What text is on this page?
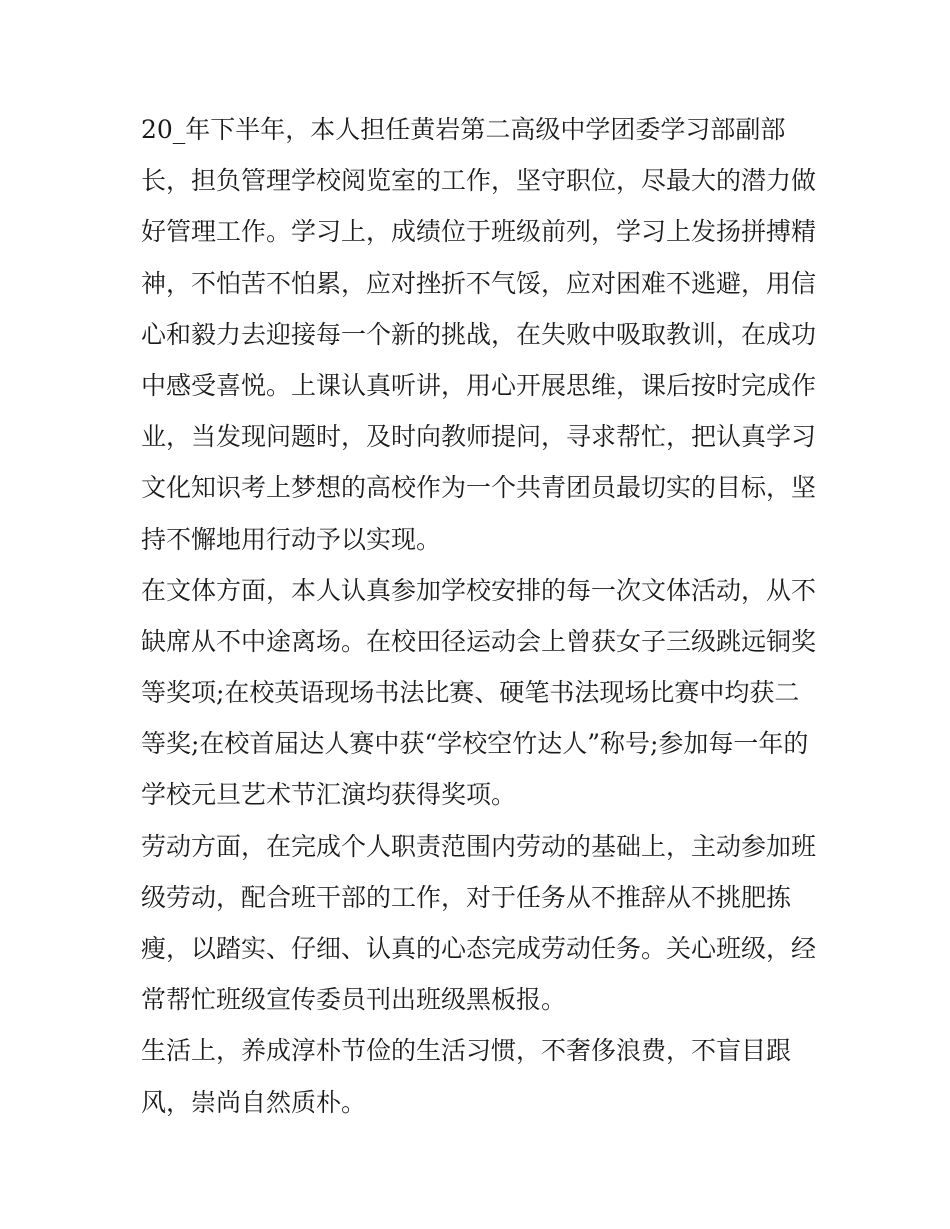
20_年下半年，本人担任黄岩第二高级中学团委学习部副部
长，担负管理学校阅览室的工作，坚守职位，尽最大的潜力做
好管理工作。学习上，成绩位于班级前列，学习上发扬拼搏精
神，不怕苦不怕累，应对挫折不气馁，应对困难不逃避，用信
心和毅力去迎接每一个新的挑战，在失败中吸取教训，在成功
中感受喜悦。上课认真听讲，用心开展思维，课后按时完成作
业，当发现问题时，及时向教师提问，寻求帮忙，把认真学习
文化知识考上梦想的高校作为一个共青团员最切实的目标，坚
持不懈地用行动予以实现。
在文体方面，本人认真参加学校安排的每一次文体活动，从不
缺席从不中途离场。在校田径运动会上曾获女子三级跳远铜奖
等奖项;在校英语现场书法比赛、硬笔书法现场比赛中均获二
等奖;在校首届达人赛中获“学校空竹达人”称号;参加每一年的
学校元旦艺术节汇演均获得奖项。
劳动方面，在完成个人职责范围内劳动的基础上，主动参加班
级劳动，配合班干部的工作，对于任务从不推辞从不挑肥拣
瘦，以踏实、仔细、认真的心态完成劳动任务。关心班级，经
常帮忙班级宣传委员刊出班级黑板报。
生活上，养成淳朴节俭的生活习惯，不奢侈浪费，不盲目跟
风，崇尚自然质朴。
